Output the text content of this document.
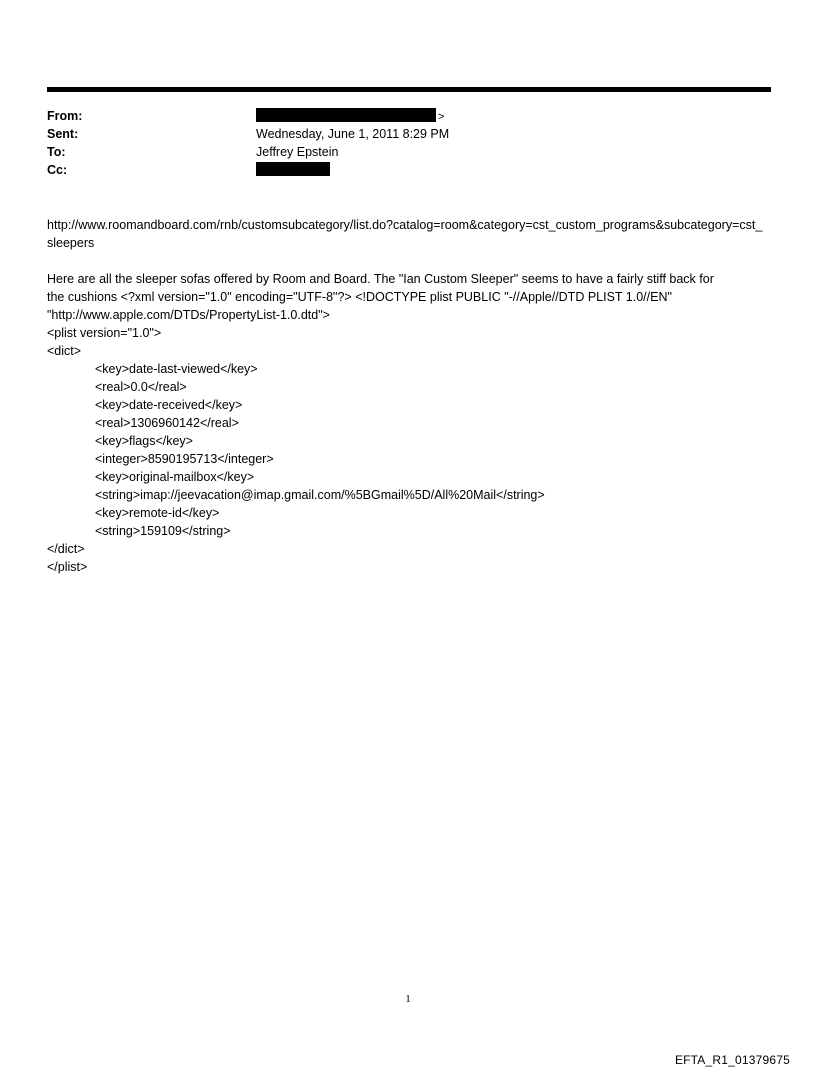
From:	>
Sent:	Wednesday, June 1, 2011 8:29 PM
To:	Jeffrey Epstein
Cc:

http://www.roomandboard.com/rnb/customsubcategory/list.do?catalog=room&category=cst_custom_programs&subcategory=cst_sleepers

Here are all the sleeper sofas offered by Room and Board. The "Ian Custom Sleeper" seems to have a fairly stiff back for

the cushions <?xml version="1.0" encoding="UTF-8"?> <!DOCTYPE plist PUBLIC "-//Apple//DTD PLIST 1.0//EN"

"http://www.apple.com/DTDs/PropertyList-1.0.dtd">

<plist version="1.0">

<dict>

<key>date-last-viewed</key>

<real>0.0</real>

<key>date-received</key>

<real>1306960142</real>

<key>flags</key>

<integer>8590195713</integer>

<key>original-mailbox</key>

<string>imap://jeevacation@imap.gmail.com/%5BGmail%5D/All%20Mail</string>

<key>remote-id</key>

<string>159109</string>

</dict>

</plist>

1
EFTA_R1_01379675
